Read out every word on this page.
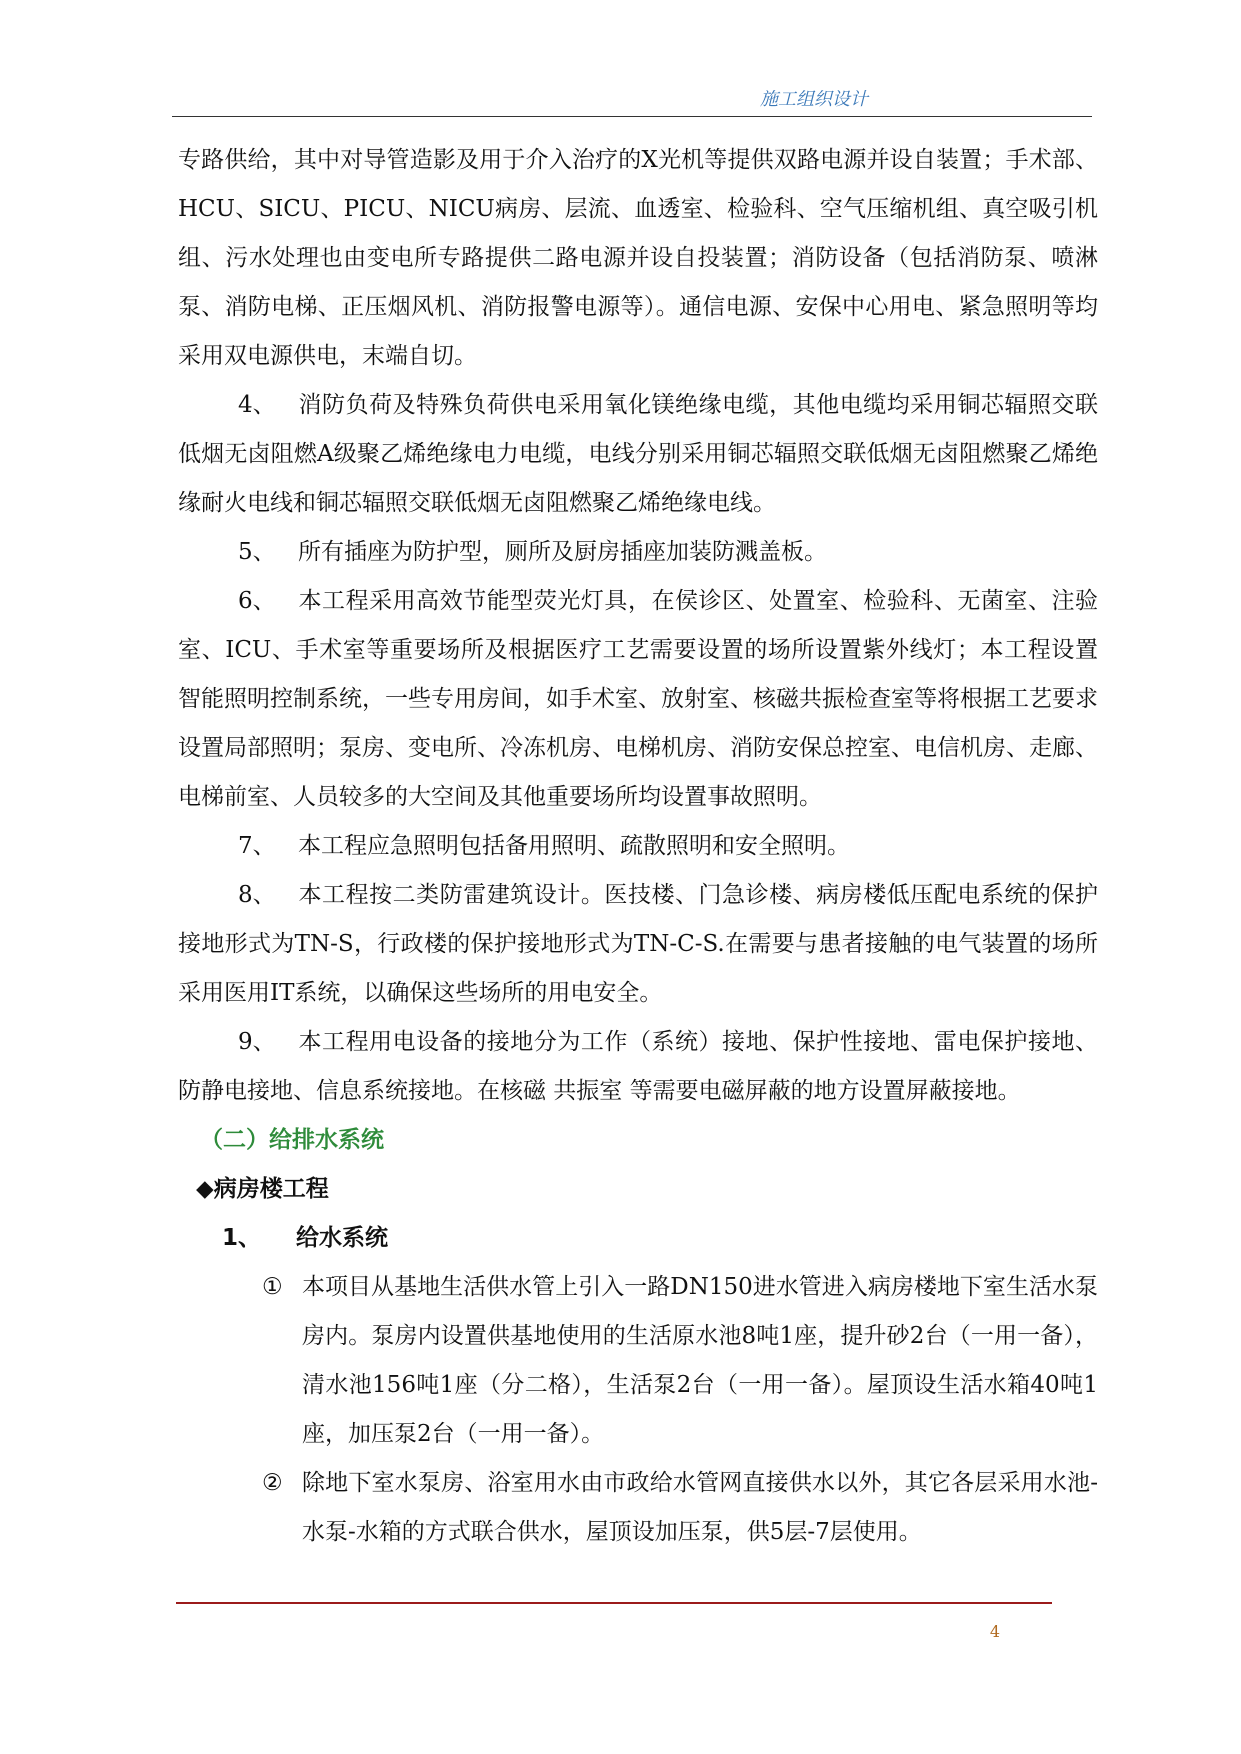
施工组织设计

专路供给，其中对导管造影及用于介入治疗的X光机等提供双路电源并设自装置；手术部、HCU、SICU、PICU、NICU病房、层流、血透室、检验科、空气压缩机组、真空吸引机组、污水处理也由变电所专路提供二路电源并设自投装置；消防设备（包括消防泵、喷淋泵、消防电梯、正压烟风机、消防报警电源等）。通信电源、安保中心用电、紧急照明等均采用双电源供电，末端自切。

4、 消防负荷及特殊负荷供电采用氧化镁绝缘电缆，其他电缆均采用铜芯辐照交联低烟无卤阻燃A级聚乙烯绝缘电力电缆，电线分别采用铜芯辐照交联低烟无卤阻燃聚乙烯绝缘耐火电线和铜芯辐照交联低烟无卤阻燃聚乙烯绝缘电线。

5、 所有插座为防护型，厕所及厨房插座加装防溅盖板。

6、 本工程采用高效节能型荧光灯具，在侯诊区、处置室、检验科、无菌室、注验室、ICU、手术室等重要场所及根据医疗工艺需要设置的场所设置紫外线灯；本工程设置智能照明控制系统，一些专用房间，如手术室、放射室、核磁共振检查室等将根据工艺要求设置局部照明；泵房、变电所、冷冻机房、电梯机房、消防安保总控室、电信机房、走廊、电梯前室、人员较多的大空间及其他重要场所均设置事故照明。

7、 本工程应急照明包括备用照明、疏散照明和安全照明。

8、 本工程按二类防雷建筑设计。医技楼、门急诊楼、病房楼低压配电系统的保护接地形式为TN-S，行政楼的保护接地形式为TN-C-S.在需要与患者接触的电气装置的场所采用医用IT系统，以确保这些场所的用电安全。

9、 本工程用电设备的接地分为工作（系统）接地、保护性接地、雷电保护接地、防静电接地、信息系统接地。在核磁 共振室 等需要电磁屏蔽的地方设置屏蔽接地。

（二）给排水系统

◆病房楼工程

1、 给水系统

① 本项目从基地生活供水管上引入一路DN150进水管进入病房楼地下室生活水泵房内。泵房内设置供基地使用的生活原水池8吨1座，提升砂2台（一用一备），清水池156吨1座（分二格），生活泵2台（一用一备）。屋顶设生活水箱40吨1座，加压泵2台（一用一备）。

② 除地下室水泵房、浴室用水由市政给水管网直接供水以外，其它各层采用水池-水泵-水箱的方式联合供水，屋顶设加压泵，供5层-7层使用。

4
